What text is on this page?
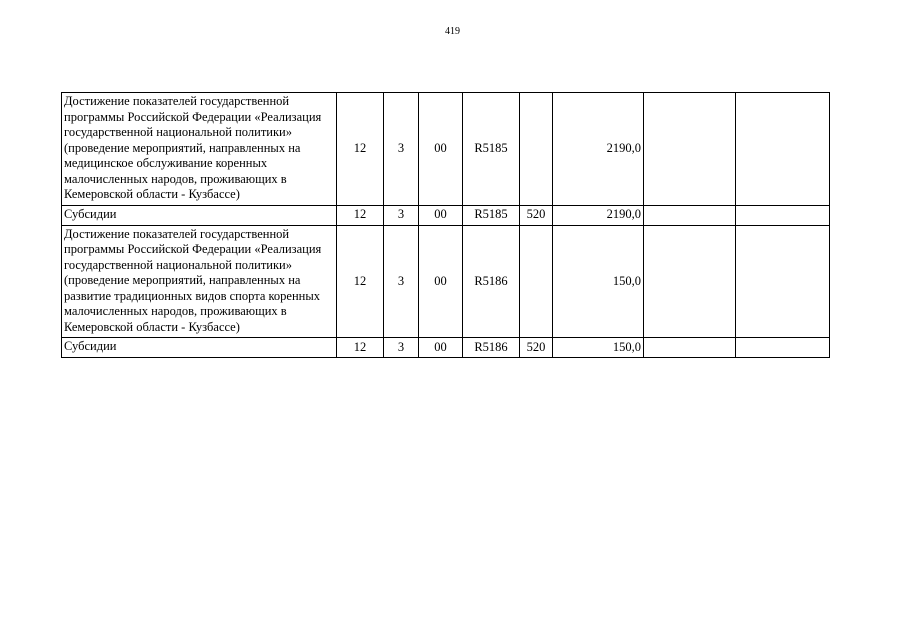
419
Достижение показателей государственной программы Российской Федерации «Реализация государственной национальной политики» (проведение мероприятий, направленных на медицинское обслуживание коренных малочисленных народов, проживающих в Кемеровской области - Кузбассе)	12	3	00	R5185		2190,0		
Субсидии	12	3	00	R5185	520	2190,0		
Достижение показателей государственной программы Российской Федерации «Реализация государственной национальной политики» (проведение мероприятий, направленных на развитие традиционных видов спорта коренных малочисленных народов, проживающих в Кемеровской области - Кузбассе)	12	3	00	R5186		150,0		
Субсидии	12	3	00	R5186	520	150,0		
